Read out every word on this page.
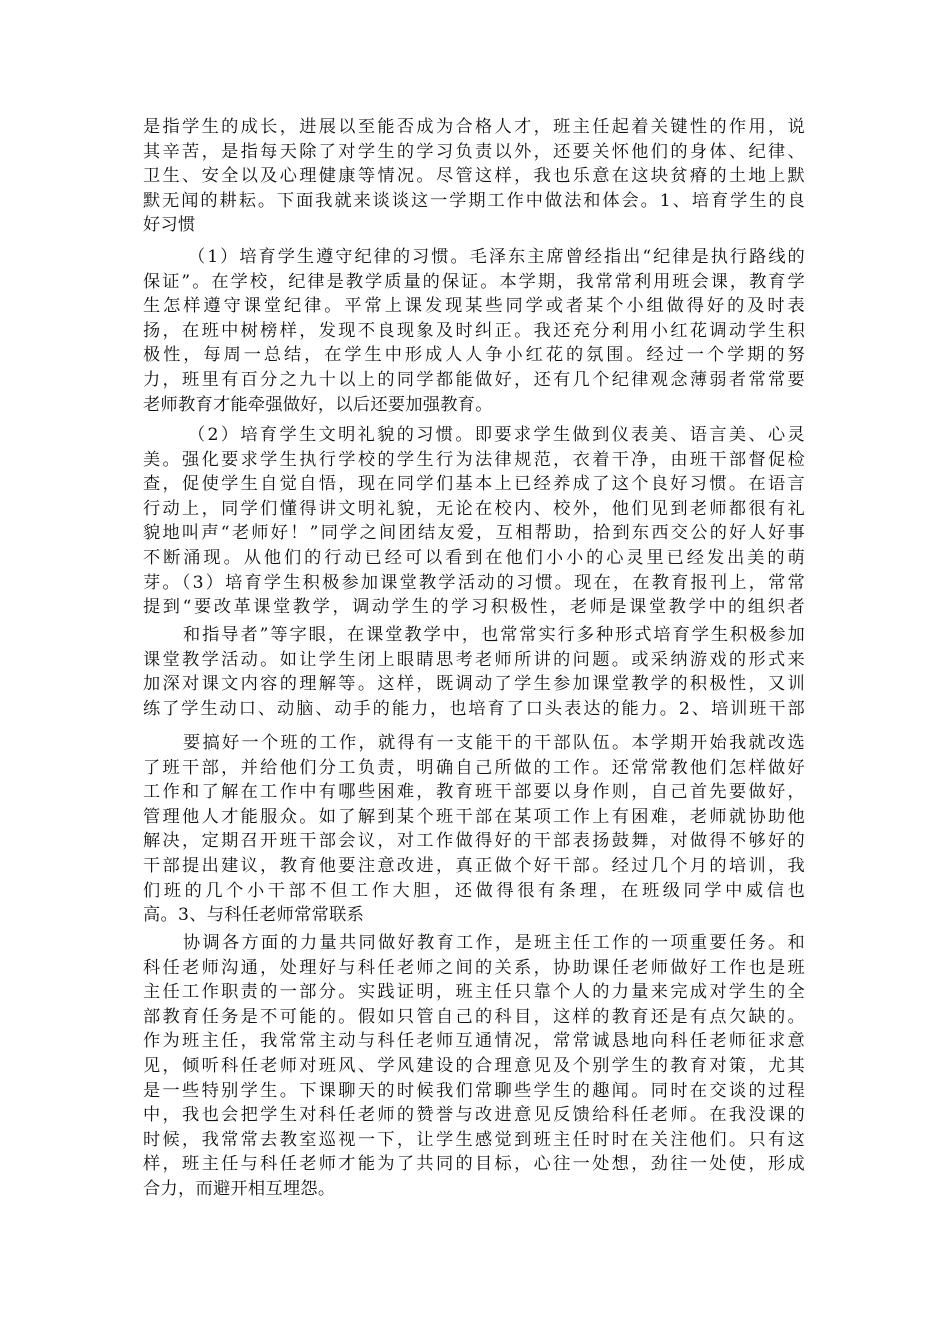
是指学生的成长，进展以至能否成为合格人才，班主任起着关键性的作用，说
其辛苦，是指每天除了对学生的学习负责以外，还要关怀他们的身体、纪律、
卫生、安全以及心理健康等情况。尽管这样，我也乐意在这块贫瘠的土地上默
默无闻的耕耘。下面我就来谈谈这一学期工作中做法和体会。1、培育学生的良
好习惯
（1）培育学生遵守纪律的习惯。毛泽东主席曾经指出“纪律是执行路线的
保证”。在学校，纪律是教学质量的保证。本学期，我常常利用班会课，教育学
生怎样遵守课堂纪律。平常上课发现某些同学或者某个小组做得好的及时表
扬，在班中树榜样，发现不良现象及时纠正。我还充分利用小红花调动学生积
极性，每周一总结，在学生中形成人人争小红花的氛围。经过一个学期的努
力，班里有百分之九十以上的同学都能做好，还有几个纪律观念薄弱者常常要
老师教育才能牵强做好，以后还要加强教育。
（2）培育学生文明礼貌的习惯。即要求学生做到仪表美、语言美、心灵
美。强化要求学生执行学校的学生行为法律规范，衣着干净，由班干部督促检
查，促使学生自觉自悟，现在同学们基本上已经养成了这个良好习惯。在语言
行动上，同学们懂得讲文明礼貌，无论在校内、校外，他们见到老师都很有礼
貌地叫声“老师好！”同学之间团结友爱，互相帮助，拾到东西交公的好人好事
不断涌现。从他们的行动已经可以看到在他们小小的心灵里已经发出美的萌
芽。（3）培育学生积极参加课堂教学活动的习惯。现在，在教育报刊上，常常
提到“要改革课堂教学，调动学生的学习积极性，老师是课堂教学中的组织者
和指导者”等字眼，在课堂教学中，也常常实行多种形式培育学生积极参加
课堂教学活动。如让学生闭上眼睛思考老师所讲的问题。或采纳游戏的形式来
加深对课文内容的理解等。这样，既调动了学生参加课堂教学的积极性，又训
练了学生动口、动脑、动手的能力，也培育了口头表达的能力。2、培训班干部
要搞好一个班的工作，就得有一支能干的干部队伍。本学期开始我就改选
了班干部，并给他们分工负责，明确自己所做的工作。还常常教他们怎样做好
工作和了解在工作中有哪些困难，教育班干部要以身作则，自己首先要做好，
管理他人才能服众。如了解到某个班干部在某项工作上有困难，老师就协助他
解决，定期召开班干部会议，对工作做得好的干部表扬鼓舞，对做得不够好的
干部提出建议，教育他要注意改进，真正做个好干部。经过几个月的培训，我
们班的几个小干部不但工作大胆，还做得很有条理，在班级同学中威信也
高。3、与科任老师常常联系
协调各方面的力量共同做好教育工作，是班主任工作的一项重要任务。和
科任老师沟通，处理好与科任老师之间的关系，协助课任老师做好工作也是班
主任工作职责的一部分。实践证明，班主任只靠个人的力量来完成对学生的全
部教育任务是不可能的。假如只管自己的科目，这样的教育还是有点欠缺的。
作为班主任，我常常主动与科任老师互通情况，常常诚恳地向科任老师征求意
见，倾听科任老师对班风、学风建设的合理意见及个别学生的教育对策，尤其
是一些特别学生。下课聊天的时候我们常聊些学生的趣闻。同时在交谈的过程
中，我也会把学生对科任老师的赞誉与改进意见反馈给科任老师。在我没课的
时候，我常常去教室巡视一下，让学生感觉到班主任时时在关注他们。只有这
样，班主任与科任老师才能为了共同的目标，心往一处想，劲往一处使，形成
合力，而避开相互埋怨。
